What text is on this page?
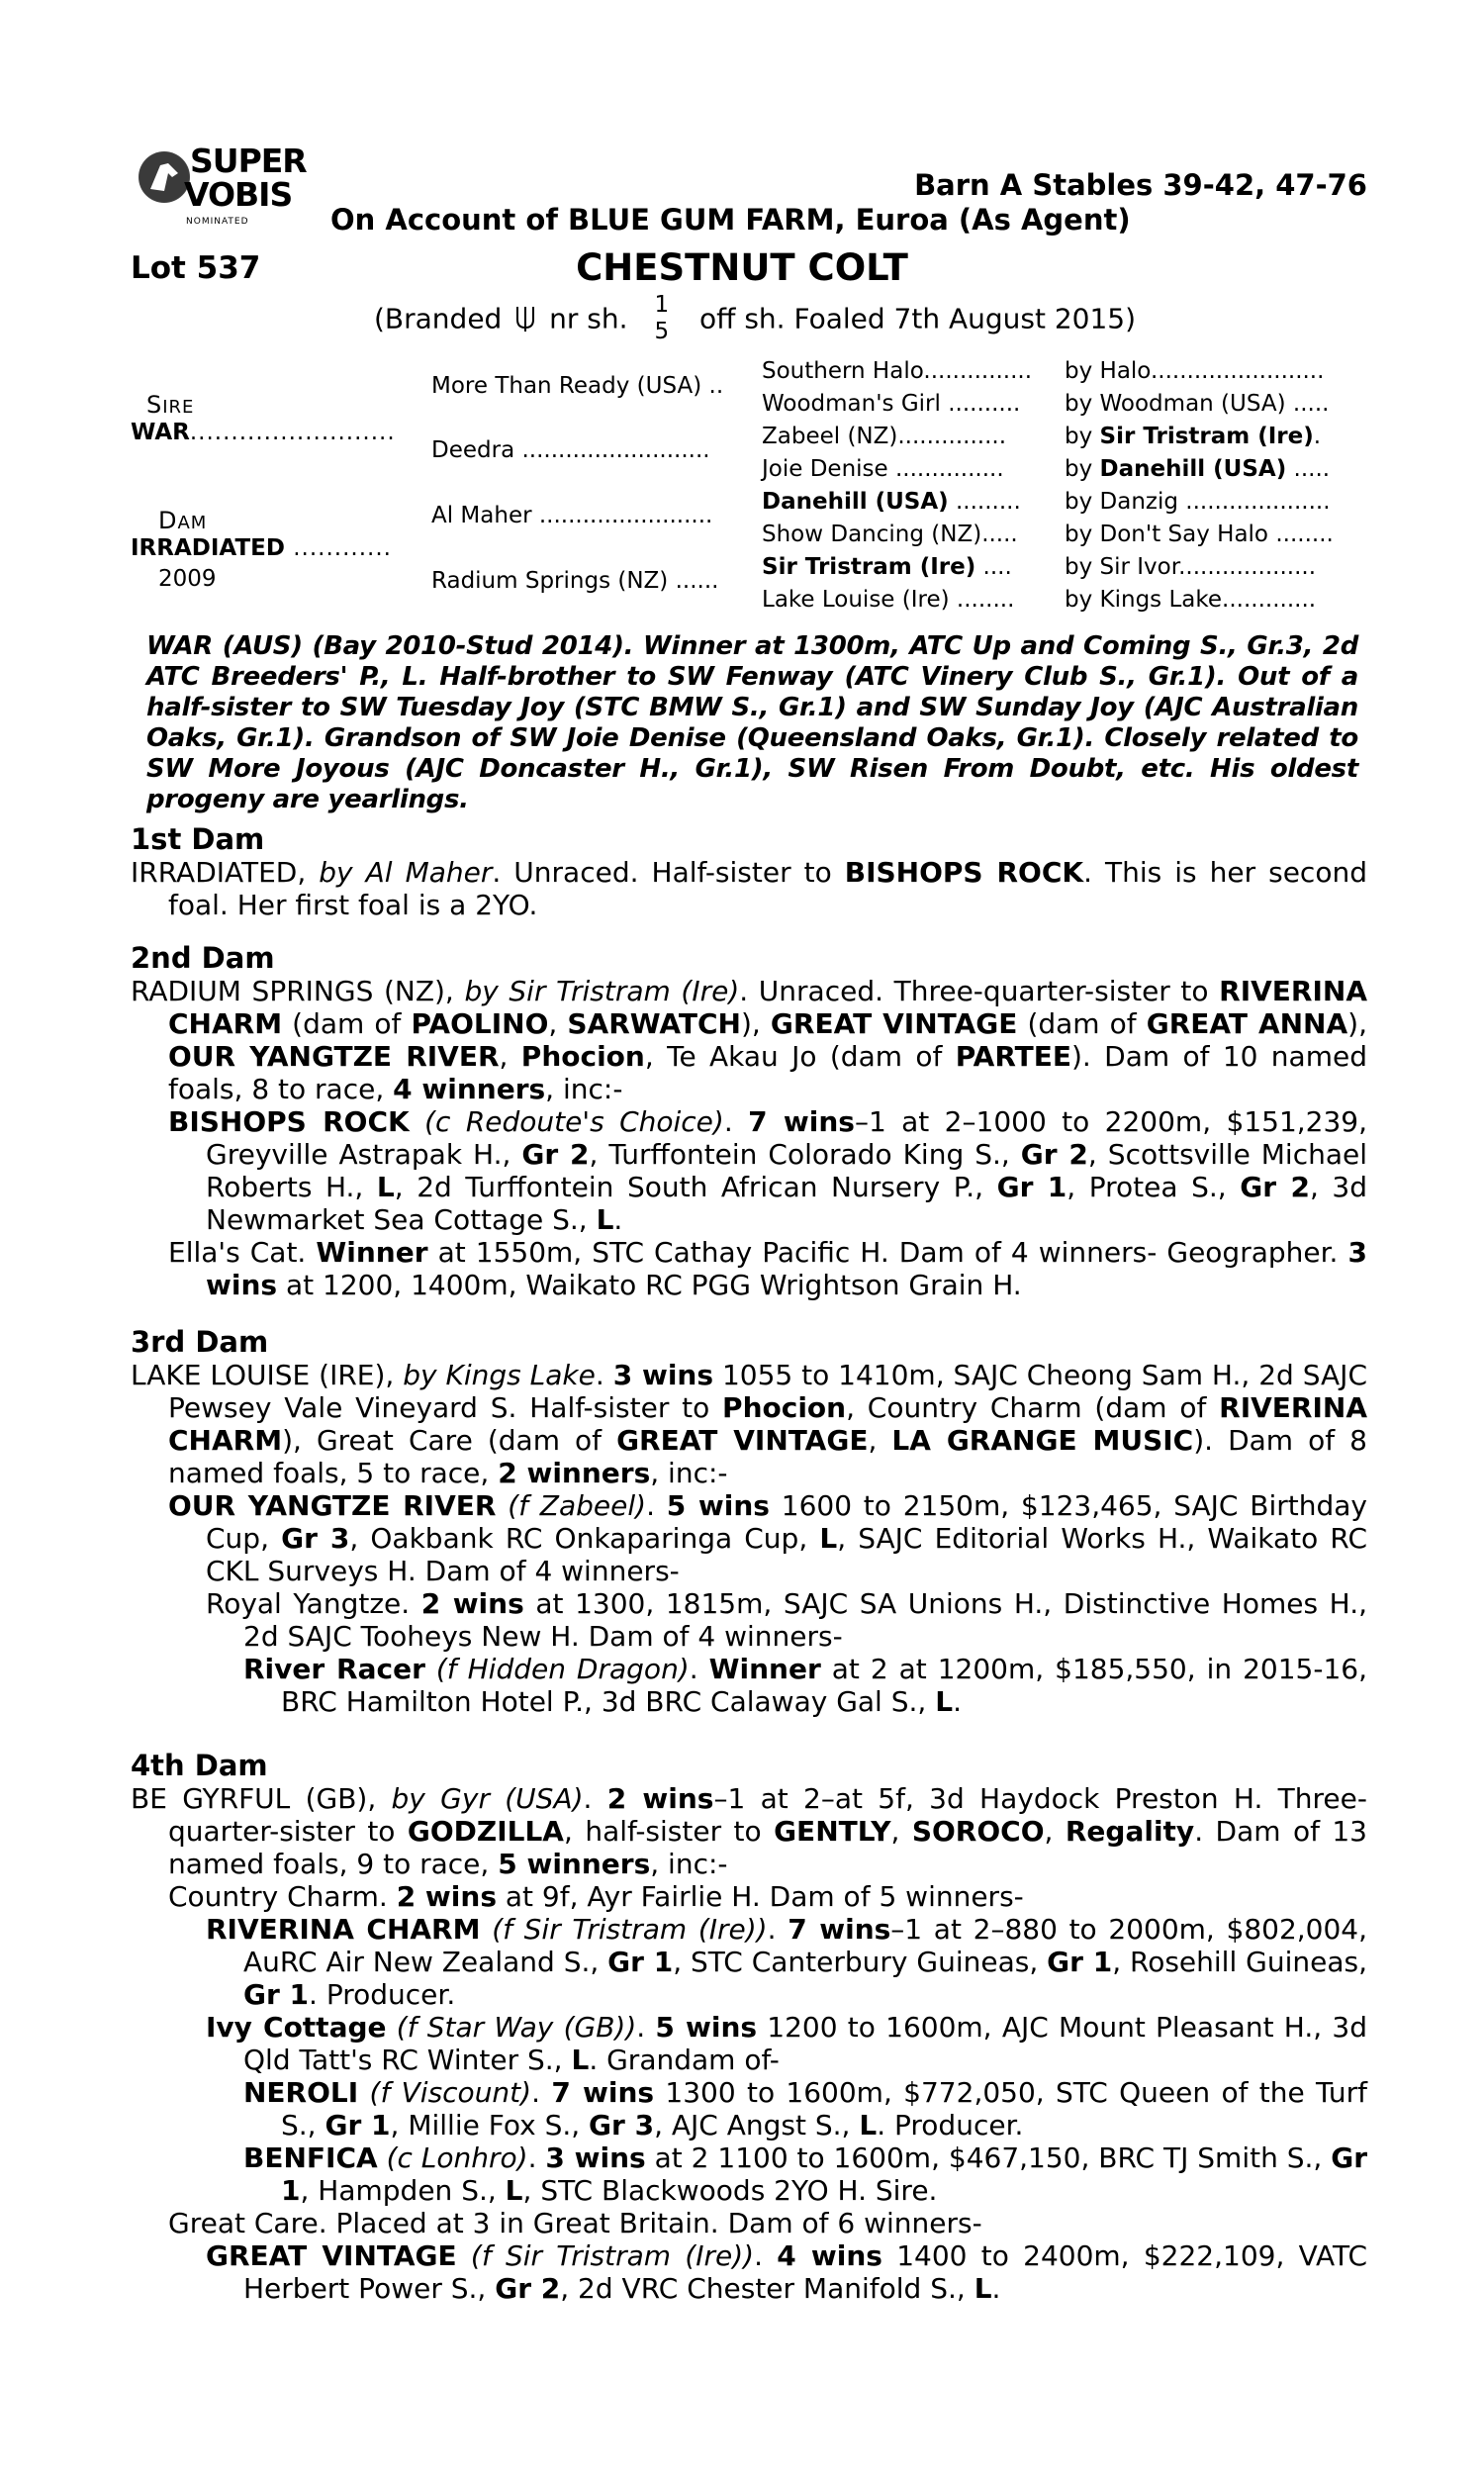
SUPER
VOBIS
NOMINATED
Barn A Stables 39-42, 47-76
On Account of BLUE GUM FARM, Euroa (As Agent)
Lot 537	CHESTNUT COLT
(Branded nr sh. 1
5 off sh. Foaled 7th August 2015)
SIRE
WAR.........................
DAM
IRRADIATED ............
2009
More Than Ready (USA) ..
Deedra ..........................
Al Maher ........................
Radium Springs (NZ) ......
Southern Halo...............
Woodman's Girl ..........
Zabeel (NZ)...............
Joie Denise ...............
Danehill (USA) .........
Show Dancing (NZ).....
Sir Tristram (Ire) ....
Lake Louise (Ire) ........
by Halo........................
by Woodman (USA) .....
by Sir Tristram (Ire).
by Danehill (USA) .....
by Danzig ....................
by Don't Say Halo ........
by Sir Ivor...................
by Kings Lake.............
WAR (AUS) (Bay 2010-Stud 2014). Winner at 1300m, ATC Up and Coming S., Gr.3, 2d ATC Breeders' P., L. Half-brother to SW Fenway (ATC Vinery Club S., Gr.1). Out of a half-sister to SW Tuesday Joy (STC BMW S., Gr.1) and SW Sunday Joy (AJC Australian Oaks, Gr.1). Grandson of SW Joie Denise (Queensland Oaks, Gr.1). Closely related to SW More Joyous (AJC Doncaster H., Gr.1), SW Risen From Doubt, etc. His oldest progeny are yearlings.
1st Dam

IRRADIATED, by Al Maher. Unraced. Half-sister to BISHOPS ROCK. This is her second foal. Her first foal is a 2YO.

2nd Dam

RADIUM SPRINGS (NZ), by Sir Tristram (Ire). Unraced. Three-quarter-sister to RIVERINA CHARM (dam of PAOLINO, SARWATCH), GREAT VINTAGE (dam of GREAT ANNA), OUR YANGTZE RIVER, Phocion, Te Akau Jo (dam of PARTEE). Dam of 10 named foals, 8 to race, 4 winners, inc:-

BISHOPS ROCK (c Redoute's Choice). 7 wins–1 at 2–1000 to 2200m, $151,239, Greyville Astrapak H., Gr 2, Turffontein Colorado King S., Gr 2, Scottsville Michael Roberts H., L, 2d Turffontein South African Nursery P., Gr 1, Protea S., Gr 2, 3d Newmarket Sea Cottage S., L.

Ella's Cat. Winner at 1550m, STC Cathay Pacific H. Dam of 4 winners- Geographer. 3 wins at 1200, 1400m, Waikato RC PGG Wrightson Grain H.

3rd Dam

LAKE LOUISE (IRE), by Kings Lake. 3 wins 1055 to 1410m, SAJC Cheong Sam H., 2d SAJC Pewsey Vale Vineyard S. Half-sister to Phocion, Country Charm (dam of RIVERINA CHARM), Great Care (dam of GREAT VINTAGE, LA GRANGE MUSIC). Dam of 8 named foals, 5 to race, 2 winners, inc:-

OUR YANGTZE RIVER (f Zabeel). 5 wins 1600 to 2150m, $123,465, SAJC Birthday Cup, Gr 3, Oakbank RC Onkaparinga Cup, L, SAJC Editorial Works H., Waikato RC CKL Surveys H. Dam of 4 winners-

Royal Yangtze. 2 wins at 1300, 1815m, SAJC SA Unions H., Distinctive Homes H., 2d SAJC Tooheys New H. Dam of 4 winners-

River Racer (f Hidden Dragon). Winner at 2 at 1200m, $185,550, in 2015-16, BRC Hamilton Hotel P., 3d BRC Calaway Gal S., L.

4th Dam

BE GYRFUL (GB), by Gyr (USA). 2 wins–1 at 2–at 5f, 3d Haydock Preston H. Three-quarter-sister to GODZILLA, half-sister to GENTLY, SOROCO, Regality. Dam of 13 named foals, 9 to race, 5 winners, inc:-

Country Charm. 2 wins at 9f, Ayr Fairlie H. Dam of 5 winners-

RIVERINA CHARM (f Sir Tristram (Ire)). 7 wins–1 at 2–880 to 2000m, $802,004, AuRC Air New Zealand S., Gr 1, STC Canterbury Guineas, Gr 1, Rosehill Guineas, Gr 1. Producer.

Ivy Cottage (f Star Way (GB)). 5 wins 1200 to 1600m, AJC Mount Pleasant H., 3d Qld Tatt's RC Winter S., L. Grandam of-

NEROLI (f Viscount). 7 wins 1300 to 1600m, $772,050, STC Queen of the Turf S., Gr 1, Millie Fox S., Gr 3, AJC Angst S., L. Producer.

BENFICA (c Lonhro). 3 wins at 2 1100 to 1600m, $467,150, BRC TJ Smith S., Gr 1, Hampden S., L, STC Blackwoods 2YO H. Sire.

Great Care. Placed at 3 in Great Britain. Dam of 6 winners-

GREAT VINTAGE (f Sir Tristram (Ire)). 4 wins 1400 to 2400m, $222,109, VATC Herbert Power S., Gr 2, 2d VRC Chester Manifold S., L.
